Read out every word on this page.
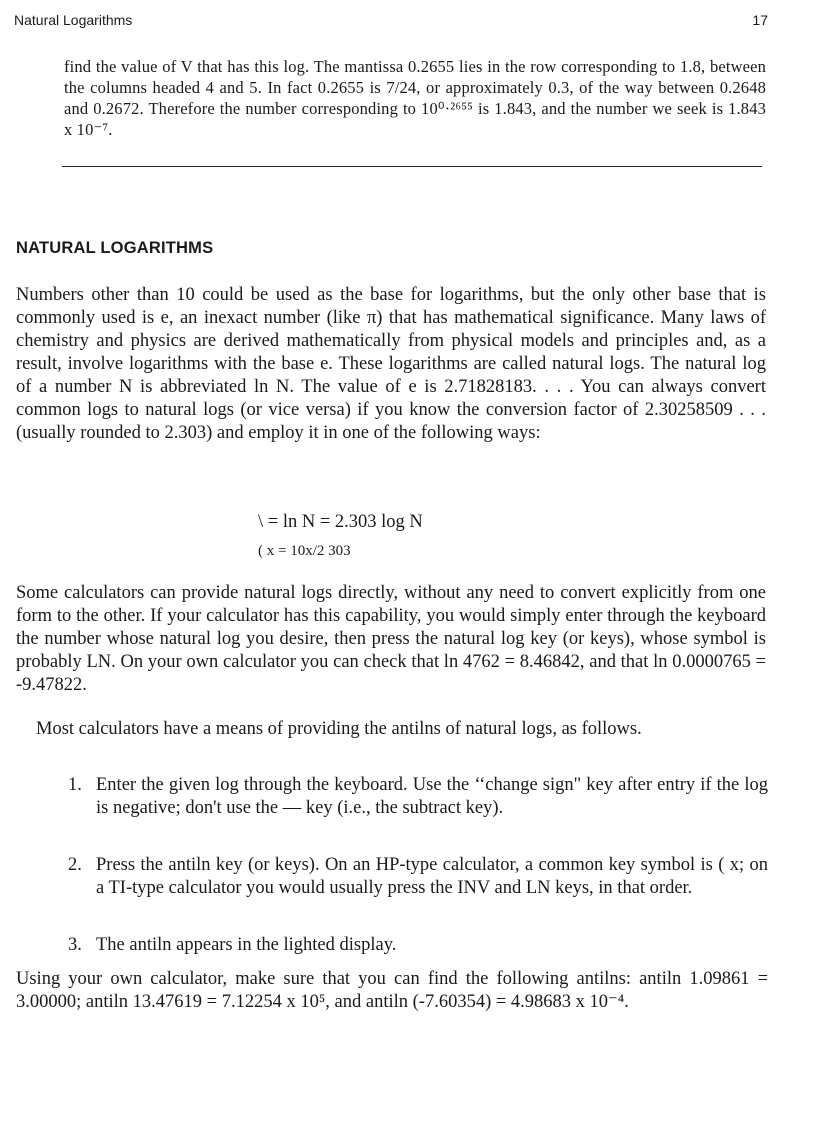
Natural Logarithms	17

find the value of V that has this log. The mantissa 0.2655 lies in the row corresponding to 1.8, between the columns headed 4 and 5. In fact 0.2655 is 7/24, or approximately 0.3, of the way between 0.2648 and 0.2672. Therefore the number corresponding to 10⁰·²⁶⁵⁵ is 1.843, and the number we seek is 1.843 x 10⁻⁷.

NATURAL LOGARITHMS

Numbers other than 10 could be used as the base for logarithms, but the only other base that is commonly used is e, an inexact number (like π) that has mathematical significance. Many laws of chemistry and physics are derived mathematically from physical models and principles and, as a result, involve logarithms with the base e. These logarithms are called natural logs. The natural log of a number N is abbreviated ln N. The value of e is 2.71828183. . . . You can always convert common logs to natural logs (or vice versa) if you know the conversion factor of 2.30258509 . . . (usually rounded to 2.303) and employ it in one of the following ways:

\ = ln N = 2.303 log N
( x = 10x/2 303

Some calculators can provide natural logs directly, without any need to convert explicitly from one form to the other. If your calculator has this capability, you would simply enter through the keyboard the number whose natural log you desire, then press the natural log key (or keys), whose symbol is probably LN. On your own calculator you can check that ln 4762 = 8.46842, and that ln 0.0000765 = -9.47822.

Most calculators have a means of providing the antilns of natural logs, as follows.

1. Enter the given log through the keyboard. Use the ‘‘change sign" key after entry if the log is negative; don't use the — key (i.e., the subtract key).
2. Press the antiln key (or keys). On an HP-type calculator, a common key symbol is ( x; on a TI-type calculator you would usually press the INV and LN keys, in that order.
3. The antiln appears in the lighted display.

Using your own calculator, make sure that you can find the following antilns: antiln 1.09861 = 3.00000; antiln 13.47619 = 7.12254 x 10⁵, and antiln (-7.60354) = 4.98683 x 10⁻⁴.
